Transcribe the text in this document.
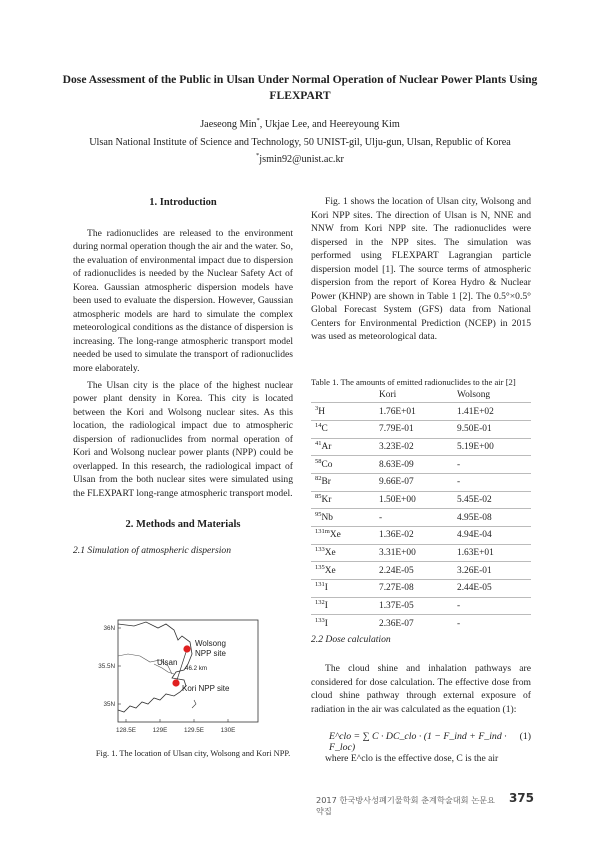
Dose Assessment of the Public in Ulsan Under Normal Operation of Nuclear Power Plants Using FLEXPART
Jaeseong Min*, Ukjae Lee, and Heereyoung Kim
Ulsan National Institute of Science and Technology, 50 UNIST-gil, Ulju-gun, Ulsan, Republic of Korea
*jsmin92@unist.ac.kr
1. Introduction

The radionuclides are released to the environment during normal operation though the air and the water. So, the evaluation of environmental impact due to dispersion of radionuclides is needed by the Nuclear Safety Act of Korea. Gaussian atmospheric dispersion models have been used to evaluate the dispersion. However, Gaussian atmospheric models are hard to simulate the complex meteorological conditions as the distance of dispersion is increasing. The long-range atmospheric transport model needed be used to simulate the transport of radionuclides more elaborately.

The Ulsan city is the place of the highest nuclear power plant density in Korea. This city is located between the Kori and Wolsong nuclear sites. As this location, the radiological impact due to atmospheric dispersion of radionuclides from normal operation of Kori and Wolsong nuclear power plants (NPP) could be overlapped. In this research, the radiological impact of Ulsan from the both nuclear sites were simulated using the FLEXPART long-range atmospheric transport model.

2. Methods and Materials
2.1 Simulation of atmospheric dispersion
Wolsong
NPP site
Ulsan
46.2 km
Kori NPP site
36N
35.5N
35N
128.5E	129E	129.5E	130E
Fig. 1. The location of Ulsan city, Wolsong and Kori NPP.

Fig. 1 shows the location of Ulsan city, Wolsong and Kori NPP sites. The direction of Ulsan is N, NNE and NNW from Kori NPP site. The radionuclides were dispersed in the NPP sites. The simulation was performed using FLEXPART Lagrangian particle dispersion model [1]. The source terms of atmospheric dispersion from the report of Korea Hydro & Nuclear Power (KHNP) are shown in Table 1 [2]. The 0.5°×0.5° Global Forecast System (GFS) data from National Centers for Environmental Prediction (NCEP) in 2015 was used as meteorological data.

Table 1. The amounts of emitted radionuclides to the air [2]
	Kori	Wolsong
$^3$H	1.76E+01	1.41E+02
$^{14}$C	7.79E-01	9.50E-01
$^{41}$Ar	3.23E-02	5.19E+00
$^{58}$Co	8.63E-09	-
$^{82}$Br	9.66E-07	-
$^{85}$Kr	1.50E+00	5.45E-02
$^{95}$Nb	-	4.95E-08
$^{131m}$Xe	1.36E-02	4.94E-04
$^{133}$Xe	3.31E+00	1.63E+01
$^{135}$Xe	2.24E-05	3.26E-01
$^{131}$I	7.27E-08	2.44E-05
$^{132}$I	1.37E-05	-
$^{133}$I	2.36E-07	-
2.2 Dose calculation

The cloud shine and inhalation pathways are considered for dose calculation. The effective dose from cloud shine pathway through external exposure of radiation in the air was calculated as the equation (1):

E^clo = ∑ C · DC_clo · (1 − F_ind + F_ind · F_loc)
(1)
where E^clo is the effective dose, C is the air
2017 한국방사성폐기물학회 춘계학술대회 논문요약집
375
